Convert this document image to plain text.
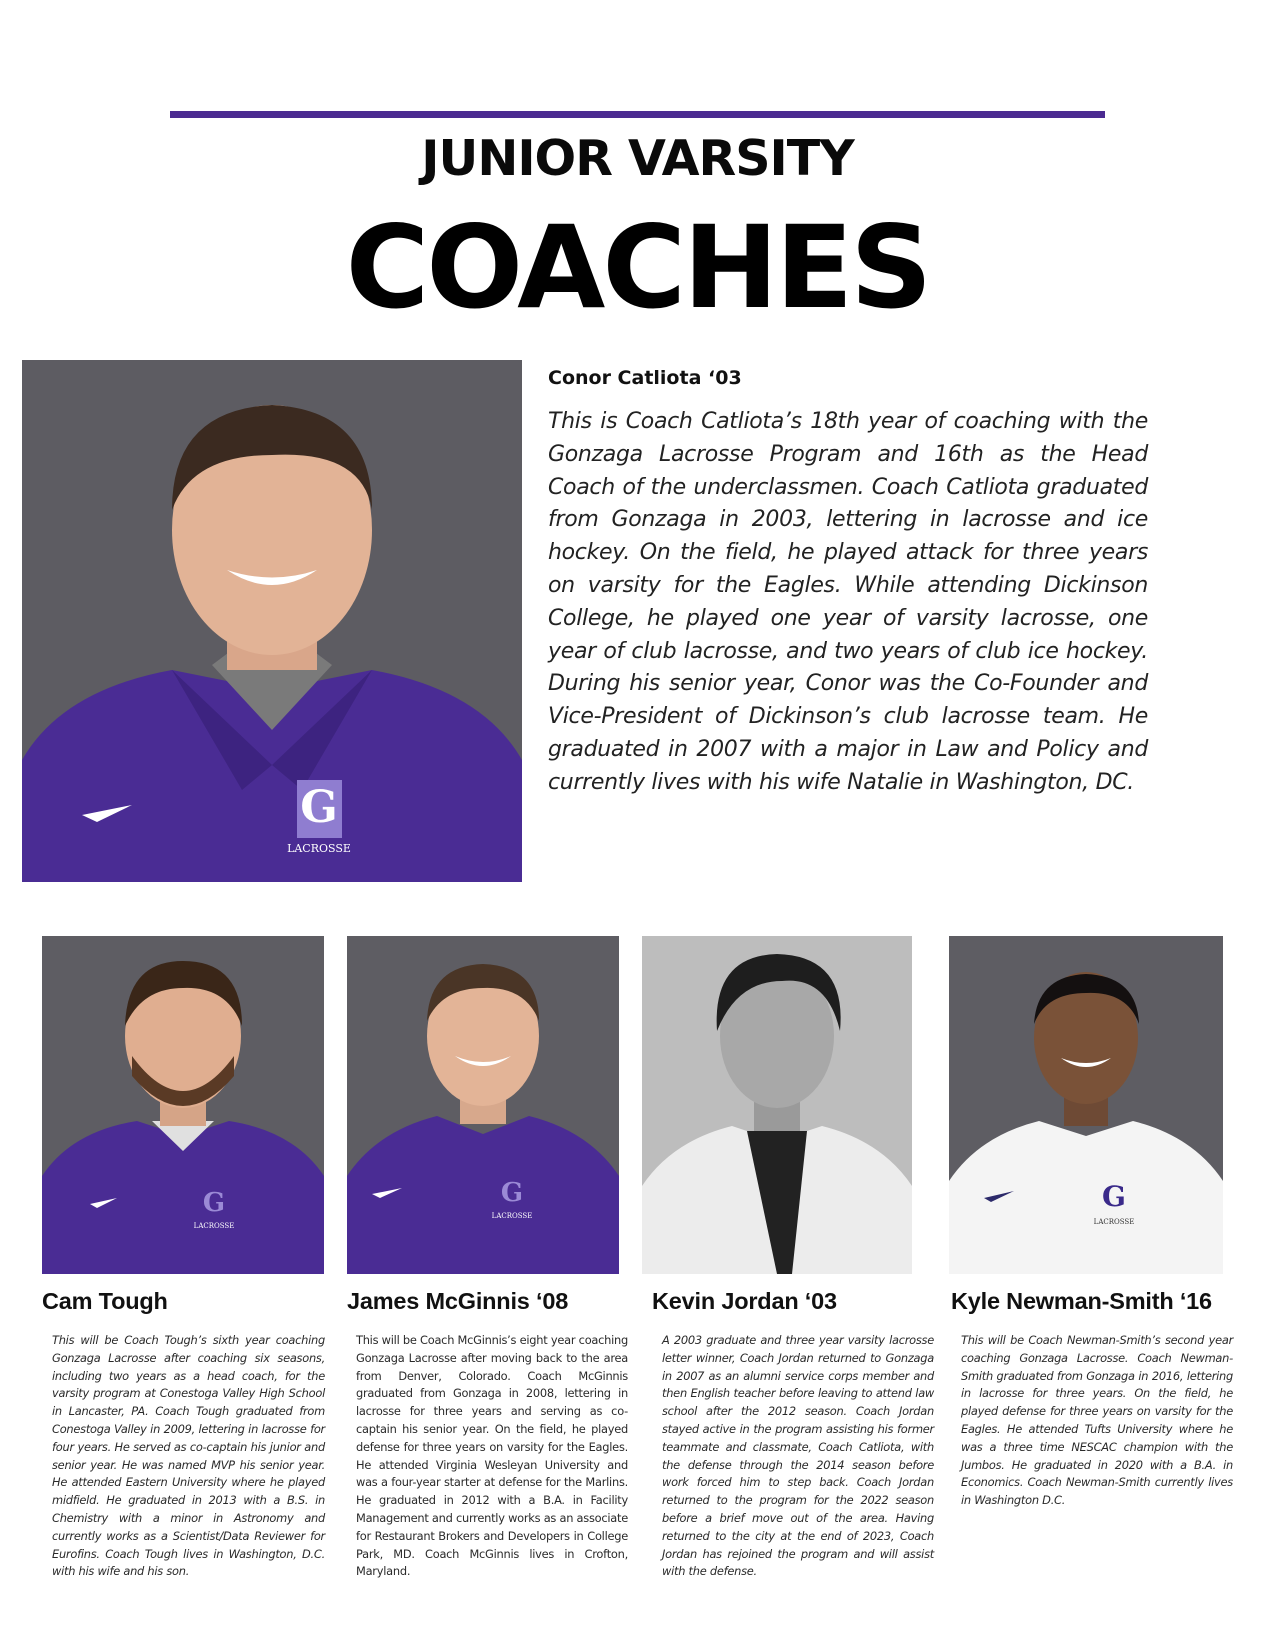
JUNIOR VARSITY
COACHES
G
LACROSSE
Conor Catliota ‘03
This is Coach Catliota’s 18th year of coaching with the Gonzaga Lacrosse Program and 16th as the Head Coach of the underclassmen. Coach Catliota graduated from Gonzaga in 2003, lettering in lacrosse and ice hockey. On the field, he played attack for three years on varsity for the Eagles. While attending Dickinson College, he played one year of varsity lacrosse, one year of club lacrosse, and two years of club ice hockey. During his senior year, Conor was the Co-Founder and Vice-President of Dickinson’s club lacrosse team. He graduated in 2007 with a major in Law and Policy and currently lives with his wife Natalie in Washington, DC.
G
LACROSSE
Cam Tough
This will be Coach Tough’s sixth year coaching Gonzaga Lacrosse after coaching six seasons, including two years as a head coach, for the varsity program at Conestoga Valley High School in Lancaster, PA. Coach Tough graduated from Conestoga Valley in 2009, lettering in lacrosse for four years. He served as co-captain his junior and senior year. He was named MVP his senior year. He attended Eastern University where he played midfield. He graduated in 2013 with a B.S. in Chemistry with a minor in Astronomy and currently works as a Scientist/Data Reviewer for Eurofins. Coach Tough lives in Washington, D.C. with his wife and his son.
G
LACROSSE
James McGinnis ‘08
This will be Coach McGinnis’s eight year coaching Gonzaga Lacrosse after moving back to the area from Denver, Colorado. Coach McGinnis graduated from Gonzaga in 2008, lettering in lacrosse for three years and serving as co-captain his senior year. On the field, he played defense for three years on varsity for the Eagles. He attended Virginia Wesleyan University and was a four-year starter at defense for the Marlins. He graduated in 2012 with a B.A. in Facility Management and currently works as an associate for Restaurant Brokers and Developers in College Park, MD. Coach McGinnis lives in Crofton, Maryland.
Kevin Jordan ‘03
A 2003 graduate and three year varsity lacrosse letter winner, Coach Jordan returned to Gonzaga in 2007 as an alumni service corps member and then English teacher before leaving to attend law school after the 2012 season. Coach Jordan stayed active in the program assisting his former teammate and classmate, Coach Catliota, with the defense through the 2014 season before work forced him to step back. Coach Jordan returned to the program for the 2022 season before a brief move out of the area. Having returned to the city at the end of 2023, Coach Jordan has rejoined the program and will assist with the defense.
G
LACROSSE
Kyle Newman-Smith ‘16
This will be Coach Newman-Smith’s second year coaching Gonzaga Lacrosse. Coach Newman-Smith graduated from Gonzaga in 2016, lettering in lacrosse for three years. On the field, he played defense for three years on varsity for the Eagles. He attended Tufts University where he was a three time NESCAC champion with the Jumbos. He graduated in 2020 with a B.A. in Economics. Coach Newman-Smith currently lives in Washington D.C.
